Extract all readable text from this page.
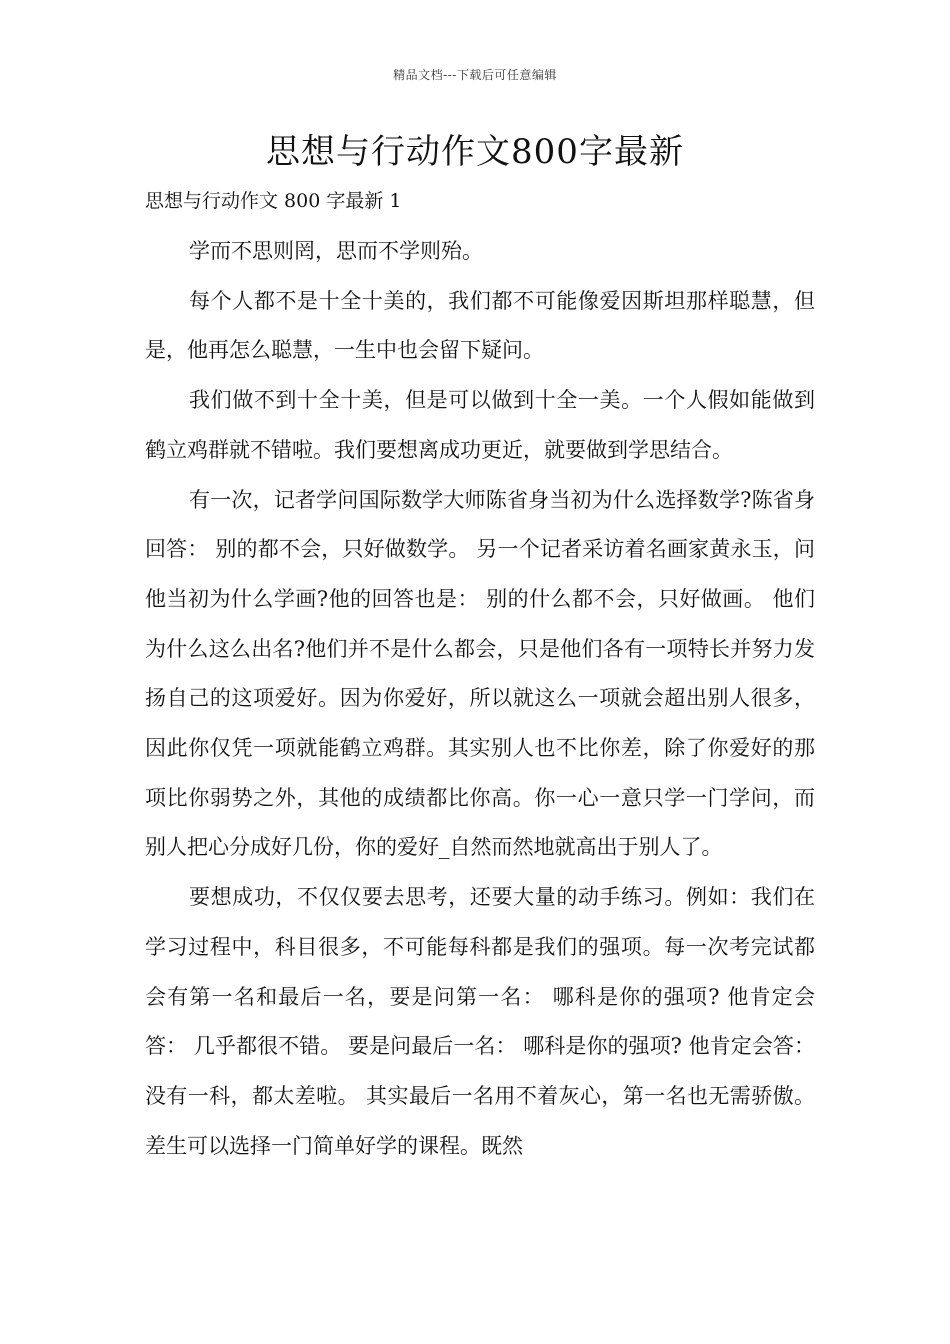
精品文档---下载后可任意编辑
思想与行动作文800字最新

思想与行动作文 800 字最新 1

学而不思则罔，思而不学则殆。

每个人都不是十全十美的，我们都不可能像爱因斯坦那样聪慧，但是，他再怎么聪慧，一生中也会留下疑问。

我们做不到十全十美，但是可以做到十全一美。一个人假如能做到鹤立鸡群就不错啦。我们要想离成功更近，就要做到学思结合。

有一次，记者学问国际数学大师陈省身当初为什么选择数学?陈省身回答： 别的都不会，只好做数学。 另一个记者采访着名画家黄永玉，问他当初为什么学画?他的回答也是： 别的什么都不会，只好做画。 他们为什么这么出名?他们并不是什么都会，只是他们各有一项特长并努力发扬自己的这项爱好。因为你爱好，所以就这么一项就会超出别人很多，因此你仅凭一项就能鹤立鸡群。其实别人也不比你差，除了你爱好的那项比你弱势之外，其他的成绩都比你高。你一心一意只学一门学问，而别人把心分成好几份，你的爱好_自然而然地就高出于别人了。

要想成功，不仅仅要去思考，还要大量的动手练习。例如：我们在学习过程中，科目很多，不可能每科都是我们的强项。每一次考完试都会有第一名和最后一名，要是问第一名： 哪科是你的强项? 他肯定会答： 几乎都很不错。 要是问最后一名： 哪科是你的强项? 他肯定会答： 没有一科，都太差啦。 其实最后一名用不着灰心，第一名也无需骄傲。差生可以选择一门简单好学的课程。既然
